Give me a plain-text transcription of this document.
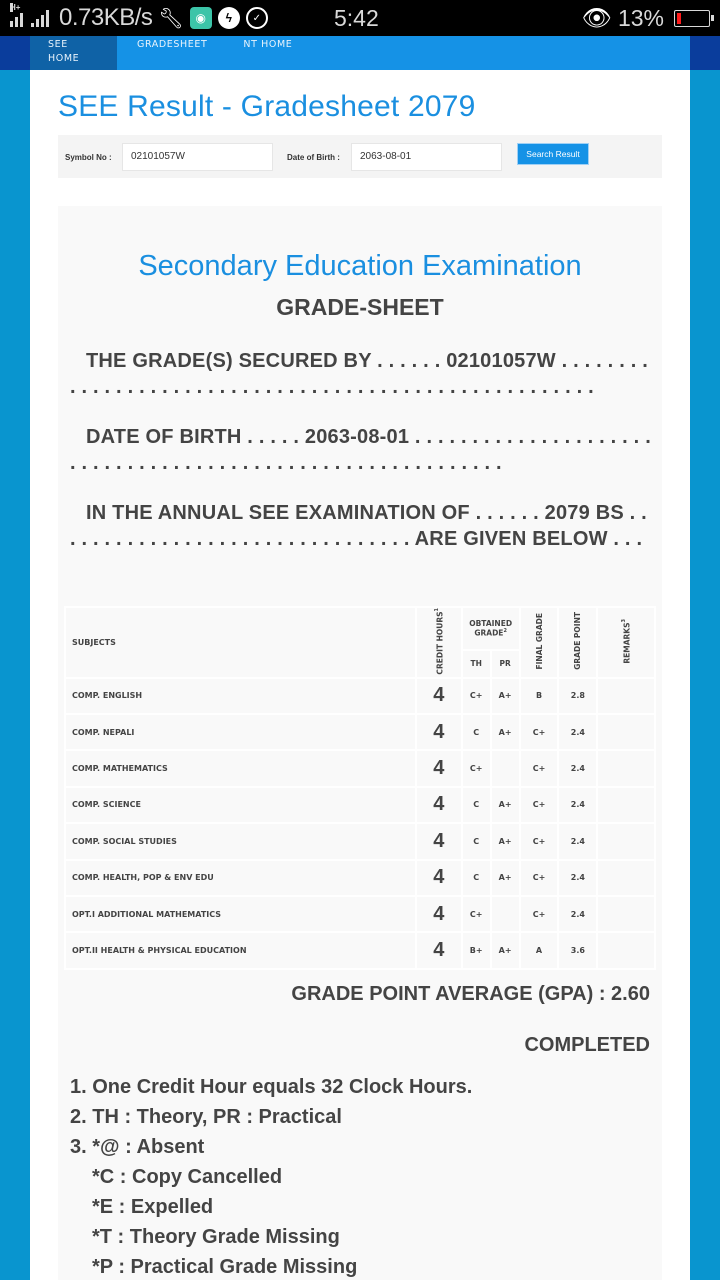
H+ 0.73KB/s 🔧︎ ◉	ϟ	✓	5:42	👁︎ 13%
SEE HOME
GRADESHEET	NT HOME
SEE Result - Gradesheet 2079
Symbol No :	02101057W	Date of Birth :	2063-08-01	Search Result
Secondary Education Examination
GRADE-SHEET
THE GRADE(S) SECURED BY . . . . . . 02101057W . . . . . . . . . . . . . . . . . . . . . . . . . . . . . . . . . . . . . . . . . . . . . . . . . . . . . .
DATE OF BIRTH . . . . . 2063-08-01 . . . . . . . . . . . . . . . . . . . . . . . . . . . . . . . . . . . . . . . . . . . . . . . . . . . . . . . . . . .
IN THE ANNUAL SEE EXAMINATION OF . . . . . . 2079 BS . . . . . . . . . . . . . . . . . . . . . . . . . . . . . . . . ARE GIVEN BELOW . . .
SUBJECTS	CREDIT HOURS$^1$	OBTAINED GRADE$^2$		FINAL GRADE	GRADE POINT	REMARKS$^3$
		TH	PR			
COMP. ENGLISH	4	C+	A+	B	2.8	
COMP. NEPALI	4	C	A+	C+	2.4	
COMP. MATHEMATICS	4	C+		C+	2.4	
COMP. SCIENCE	4	C	A+	C+	2.4	
COMP. SOCIAL STUDIES	4	C	A+	C+	2.4	
COMP. HEALTH, POP & ENV EDU	4	C	A+	C+	2.4	
OPT.I ADDITIONAL MATHEMATICS	4	C+		C+	2.4	
OPT.II HEALTH & PHYSICAL EDUCATION	4	B+	A+	A	3.6	
GRADE POINT AVERAGE (GPA) : 2.60
COMPLETED
1. One Credit Hour equals 32 Clock Hours.
2. TH : Theory, PR : Practical
3. *@ : Absent
*C : Copy Cancelled
*E : Expelled
*T : Theory Grade Missing
*P : Practical Grade Missing
